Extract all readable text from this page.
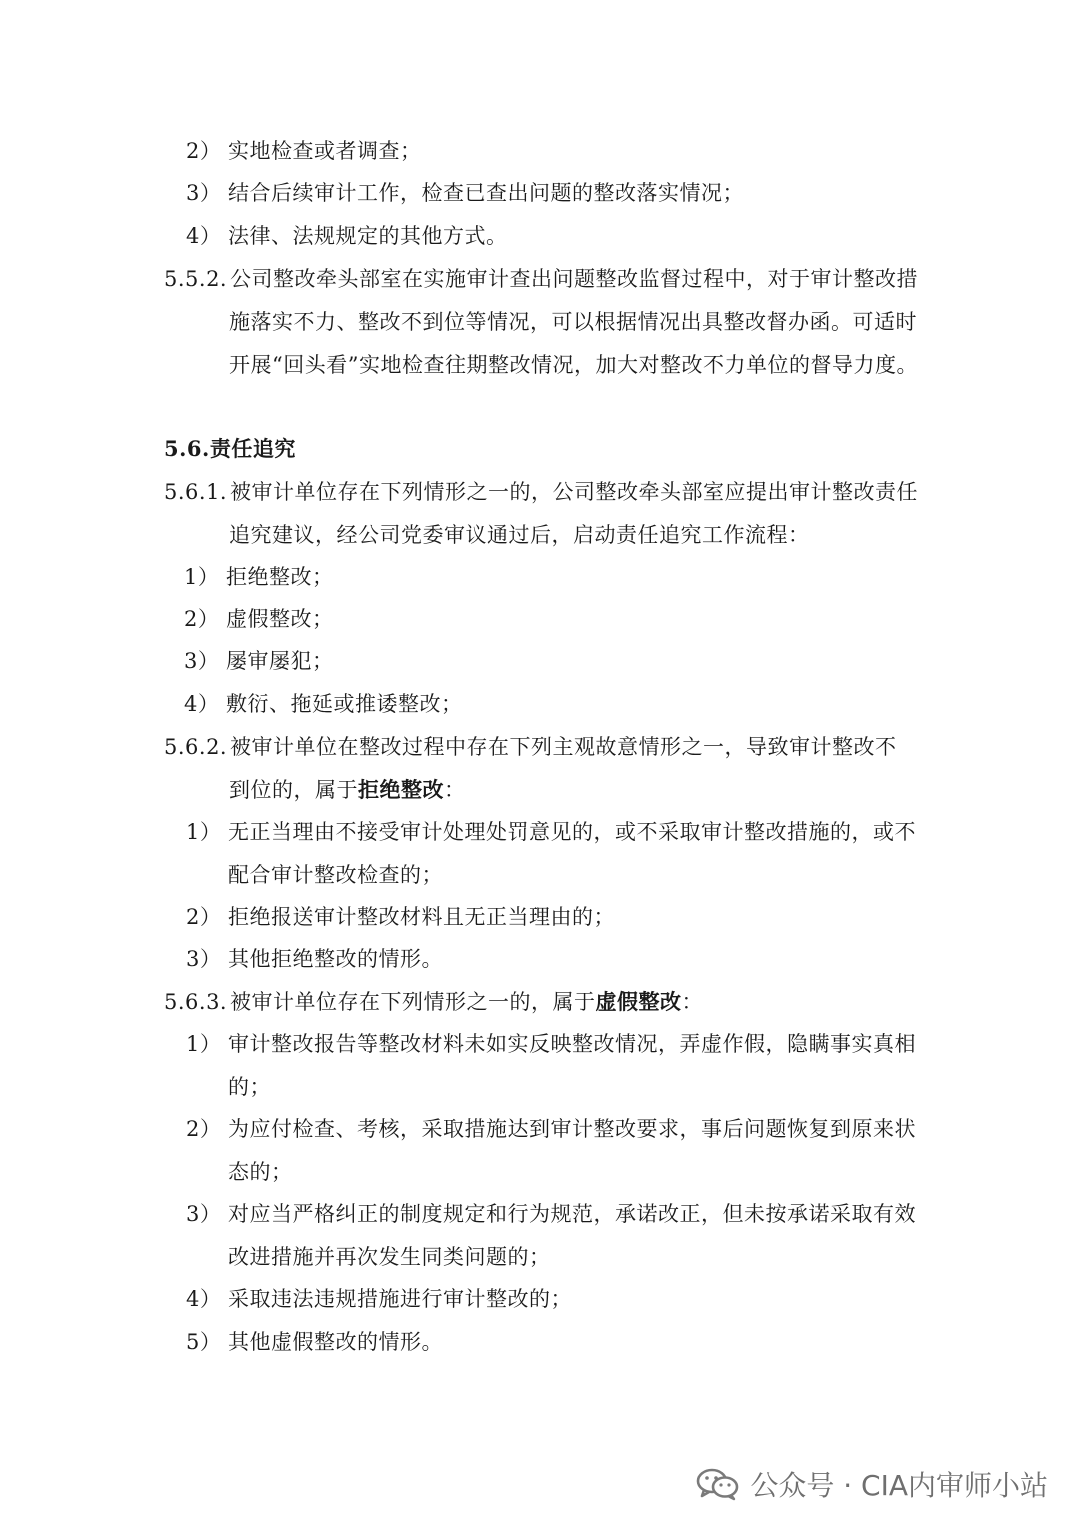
2） 实地检查或者调查；
3） 结合后续审计工作，检查已查出问题的整改落实情况；
4） 法律、法规规定的其他方式。
5.5.2. 公司整改牵头部室在实施审计查出问题整改监督过程中，对于审计整改措
施落实不力、整改不到位等情况，可以根据情况出具整改督办函。可适时
开展“回头看”实地检查往期整改情况，加大对整改不力单位的督导力度。
5.6.责任追究
5.6.1. 被审计单位存在下列情形之一的，公司整改牵头部室应提出审计整改责任
追究建议，经公司党委审议通过后，启动责任追究工作流程：
1） 拒绝整改；
2） 虚假整改；
3） 屡审屡犯；
4） 敷衍、拖延或推诿整改；
5.6.2. 被审计单位在整改过程中存在下列主观故意情形之一，导致审计整改不
到位的，属于拒绝整改：
1） 无正当理由不接受审计处理处罚意见的，或不采取审计整改措施的，或不
配合审计整改检查的；
2） 拒绝报送审计整改材料且无正当理由的；
3） 其他拒绝整改的情形。
5.6.3. 被审计单位存在下列情形之一的，属于虚假整改：
1） 审计整改报告等整改材料未如实反映整改情况，弄虚作假，隐瞒事实真相
的；
2） 为应付检查、考核，采取措施达到审计整改要求，事后问题恢复到原来状
态的；
3） 对应当严格纠正的制度规定和行为规范，承诺改正，但未按承诺采取有效
改进措施并再次发生同类问题的；
4） 采取违法违规措施进行审计整改的；
5） 其他虚假整改的情形。
公众号 · CIA内审师小站
